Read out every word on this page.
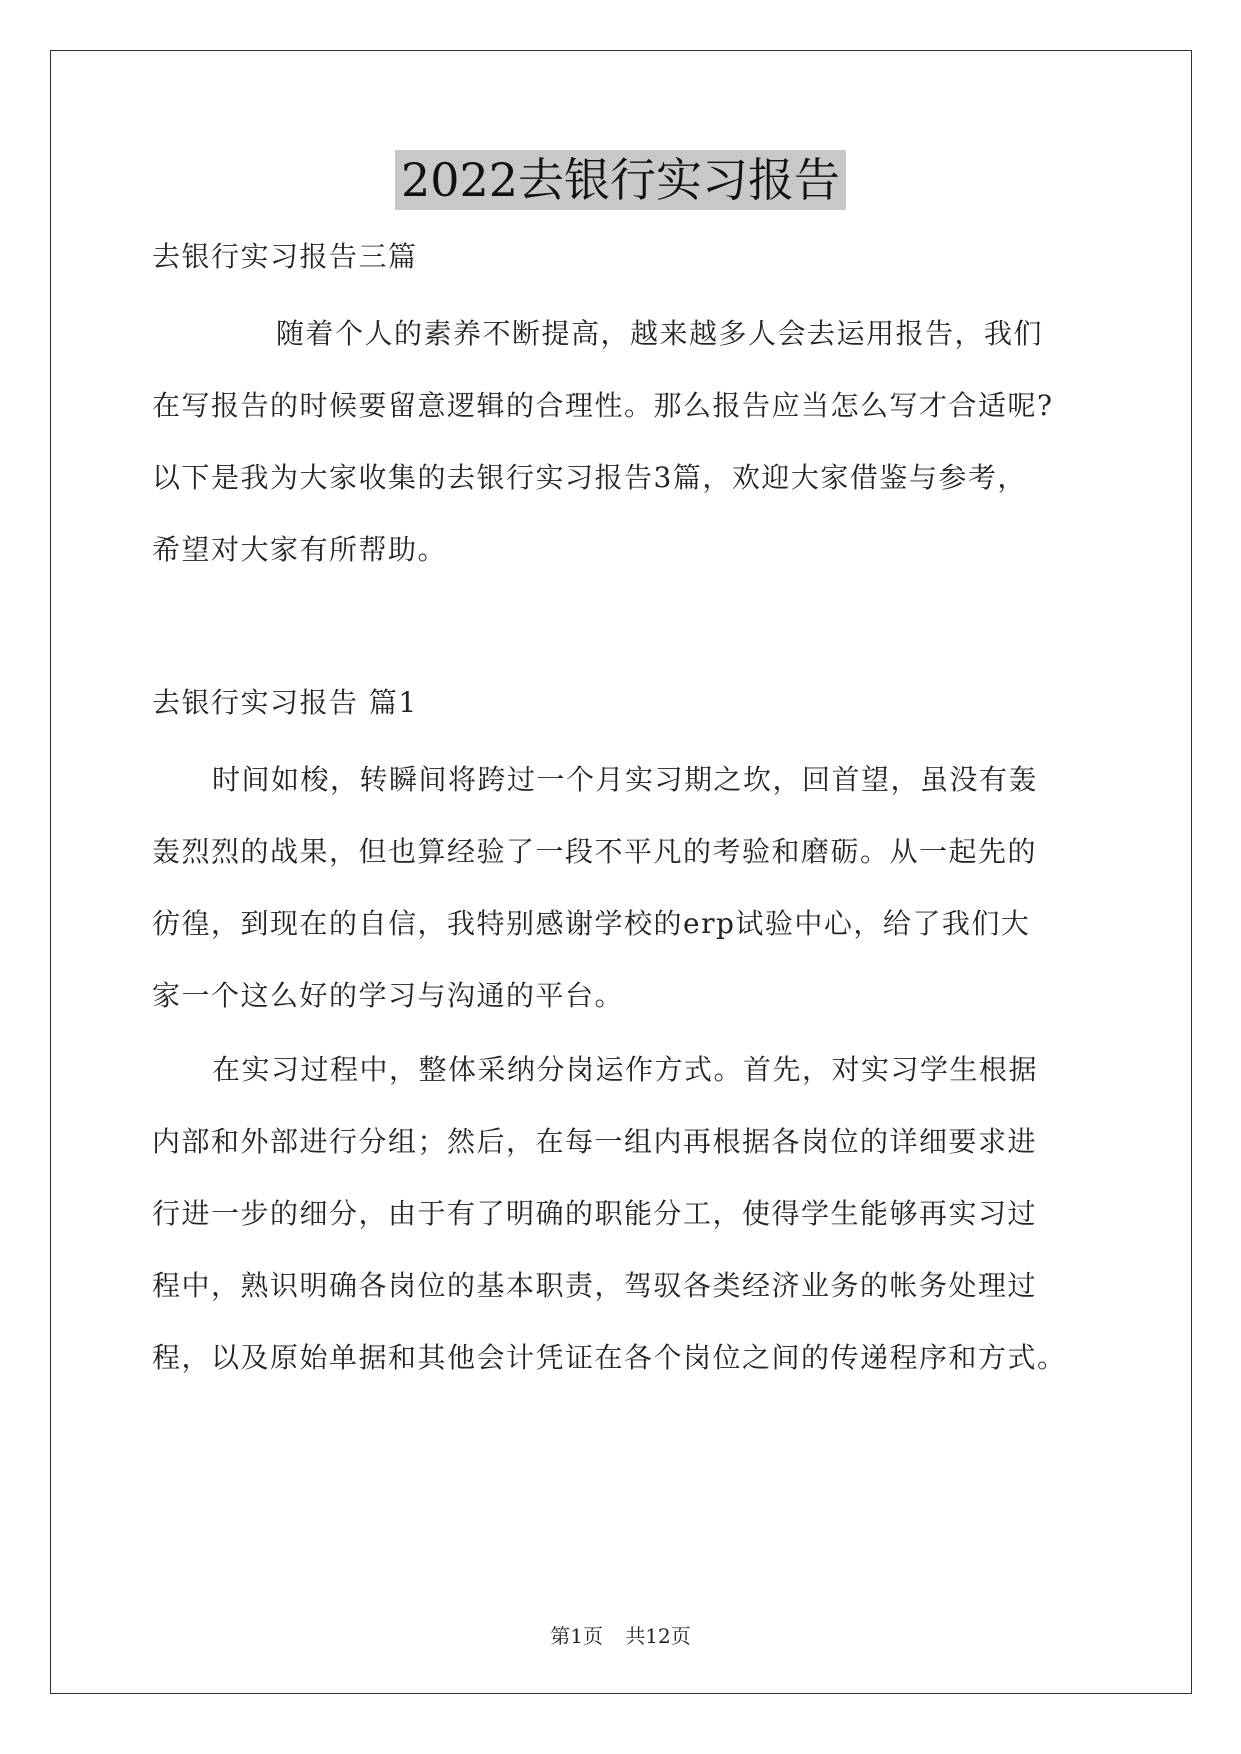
2022去银行实习报告
去银行实习报告三篇
随着个人的素养不断提高，越来越多人会去运用报告，我们
在写报告的时候要留意逻辑的合理性。那么报告应当怎么写才合适呢?
以下是我为大家收集的去银行实习报告3篇，欢迎大家借鉴与参考，
希望对大家有所帮助。
去银行实习报告 篇1
时间如梭，转瞬间将跨过一个月实习期之坎，回首望，虽没有轰
轰烈烈的战果，但也算经验了一段不平凡的考验和磨砺。从一起先的
彷徨，到现在的自信，我特别感谢学校的erp试验中心，给了我们大
家一个这么好的学习与沟通的平台。
在实习过程中，整体采纳分岗运作方式。首先，对实习学生根据
内部和外部进行分组；然后，在每一组内再根据各岗位的详细要求进
行进一步的细分，由于有了明确的职能分工，使得学生能够再实习过
程中，熟识明确各岗位的基本职责，驾驭各类经济业务的帐务处理过
程，以及原始单据和其他会计凭证在各个岗位之间的传递程序和方式。
第1页 共12页
